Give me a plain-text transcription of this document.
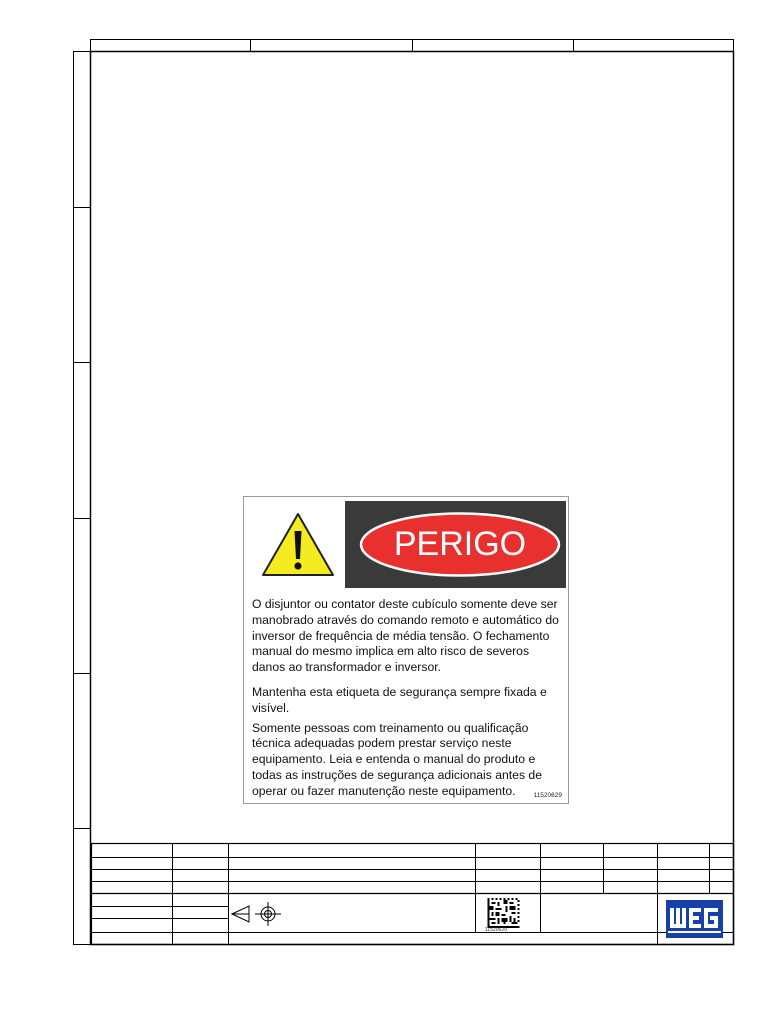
11520629
PERIGO

O disjuntor ou contator deste cubículo somente deve ser manobrado através do comando remoto e automático do inversor de frequência de média tensão. O fechamento manual do mesmo implica em alto risco de severos danos ao transformador e inversor.

Mantenha esta etiqueta de segurança sempre fixada e visível.

Somente pessoas com treinamento ou qualificação técnica adequadas podem prestar serviço neste equipamento. Leia e entenda o manual do produto e todas as instruções de segurança adicionais antes de operar ou fazer manutenção neste equipamento.	11520629
